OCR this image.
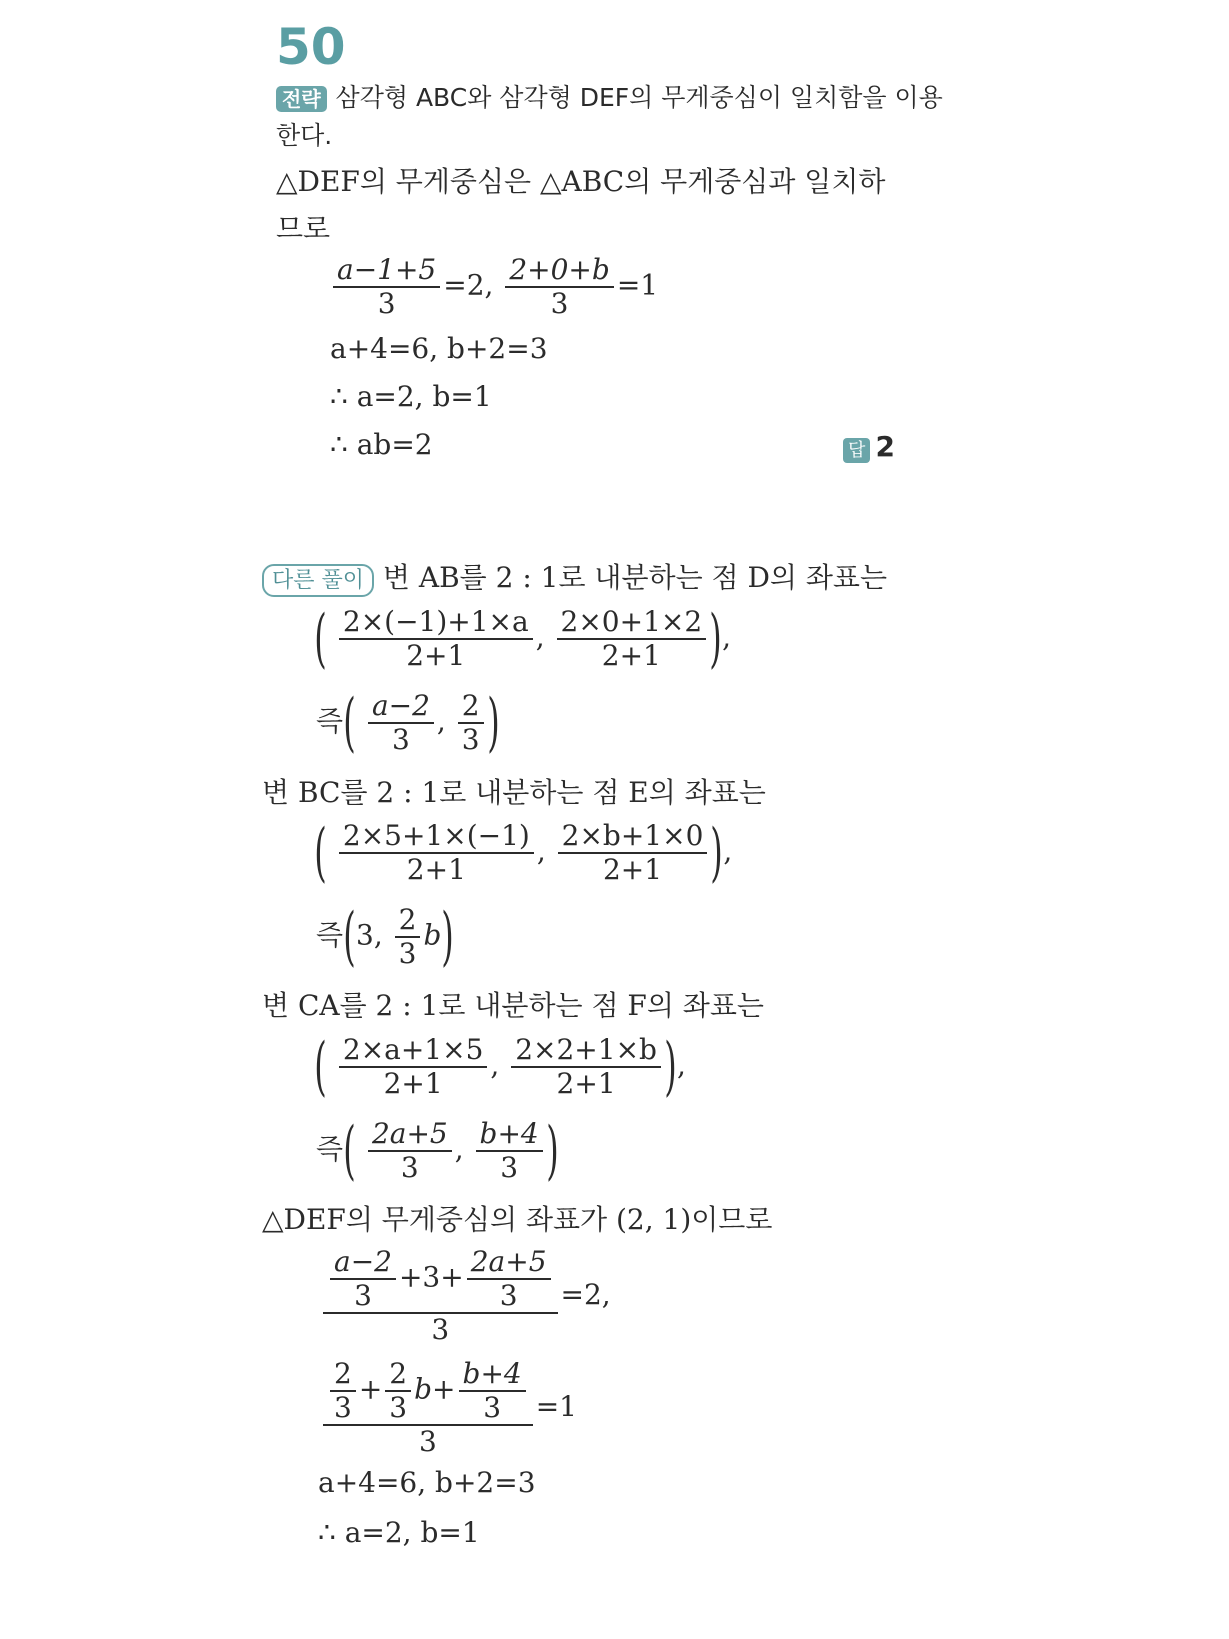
50
전략 삼각형 ABC와 삼각형 DEF의 무게중심이 일치함을 이용
한다.
△DEF의 무게중심은 △ABC의 무게중심과 일치하
므로
$\frac{a-1+5}{3} =2$, $\frac{2+0+b}{3} =1$
a+4=6, b+2=3
∴ a=2, b=1
∴ ab=2	답 2
다른 풀이 변 AB를 2 : 1로 내분하는 점 D의 좌표는
( $\frac{2\times(-1)+1\times a}{2+1}$ , $\frac{2\times 0+1\times 2}{2+1}$ ),
즉( $\frac{a-2}{3}$ , $\frac{2}{3}$ )
변 BC를 2 : 1로 내분하는 점 E의 좌표는
( $\frac{2\times 5+1\times(-1)}{2+1}$ , $\frac{2\times b+1\times 0}{2+1}$ ),
즉(3, $\frac{2}{3} b$)
변 CA를 2 : 1로 내분하는 점 F의 좌표는
( $\frac{2\times a+1\times 5}{2+1}$ , $\frac{2\times 2+1\times b}{2+1}$ ),
즉( $\frac{2a+5}{3}$ , $\frac{b+4}{3}$ )
△DEF의 무게중심의 좌표가 (2, 1)이므로
$\frac{\frac{a-2}{3} +3+ \frac{2a+5}{3}}{3} =2$,
$\frac{\frac{2}{3} + \frac{2}{3} b+ \frac{b+4}{3}}{3} =1$
a+4=6, b+2=3
∴ a=2, b=1
